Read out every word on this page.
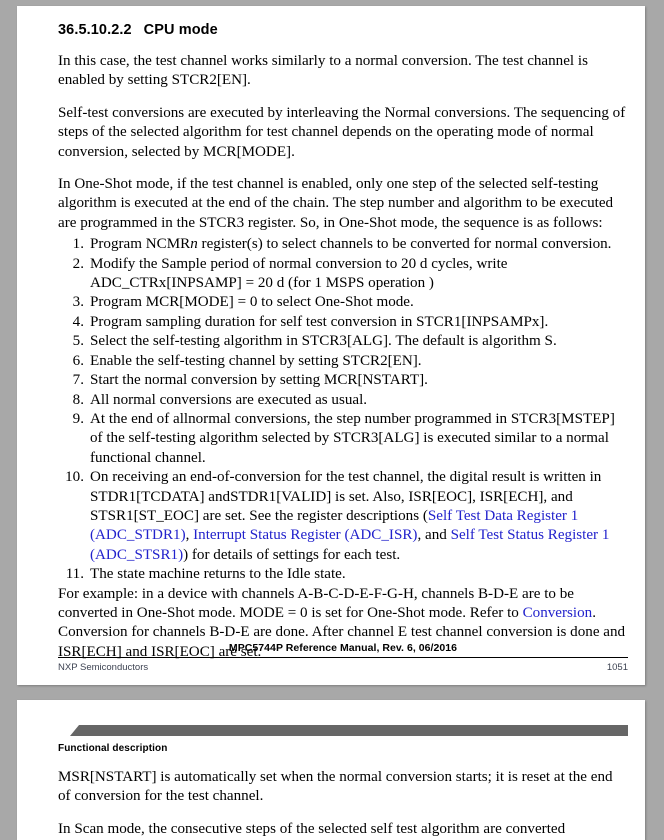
36.5.10.2.2 CPU mode

In this case, the test channel works similarly to a normal conversion. The test channel is enabled by setting STCR2[EN].

Self-test conversions are executed by interleaving the Normal conversions. The sequencing of steps of the selected algorithm for test channel depends on the operating mode of normal conversion, selected by MCR[MODE].

In One-Shot mode, if the test channel is enabled, only one step of the selected self-testing algorithm is executed at the end of the chain. The step number and algorithm to be executed are programmed in the STCR3 register. So, in One-Shot mode, the sequence is as follows:

1. Program NCMRn register(s) to select channels to be converted for normal conversion.
2. Modify the Sample period of normal conversion to 20 d cycles, write ADC_CTRx[INPSAMP] = 20 d (for 1 MSPS operation )
3. Program MCR[MODE] = 0 to select One-Shot mode.
4. Program sampling duration for self test conversion in STCR1[INPSAMPx].
5. Select the self-testing algorithm in STCR3[ALG]. The default is algorithm S.
6. Enable the self-testing channel by setting STCR2[EN].
7. Start the normal conversion by setting MCR[NSTART].
8. All normal conversions are executed as usual.
9. At the end of allnormal conversions, the step number programmed in STCR3[MSTEP] of the self-testing algorithm selected by STCR3[ALG] is executed similar to a normal functional channel.
10. On receiving an end-of-conversion for the test channel, the digital result is written in STDR1[TCDATA] andSTDR1[VALID] is set. Also, ISR[EOC], ISR[ECH], and STSR1[ST_EOC] are set. See the register descriptions (Self Test Data Register 1 (ADC_STDR1), Interrupt Status Register (ADC_ISR), and Self Test Status Register 1 (ADC_STSR1)) for details of settings for each test.
11. The state machine returns to the Idle state.

For example: in a device with channels A-B-C-D-E-F-G-H, channels B-D-E are to be converted in One-Shot mode. MODE = 0 is set for One-Shot mode. Refer to Conversion. Conversion for channels B-D-E are done. After channel E test channel conversion is done and ISR[ECH] and ISR[EOC] are set.

MPC5744P Reference Manual, Rev. 6, 06/2016
NXP Semiconductors	1051
Functional description

MSR[NSTART] is automatically set when the normal conversion starts; it is reset at the end of conversion for the test channel.

In Scan mode, the consecutive steps of the selected self test algorithm are converted
